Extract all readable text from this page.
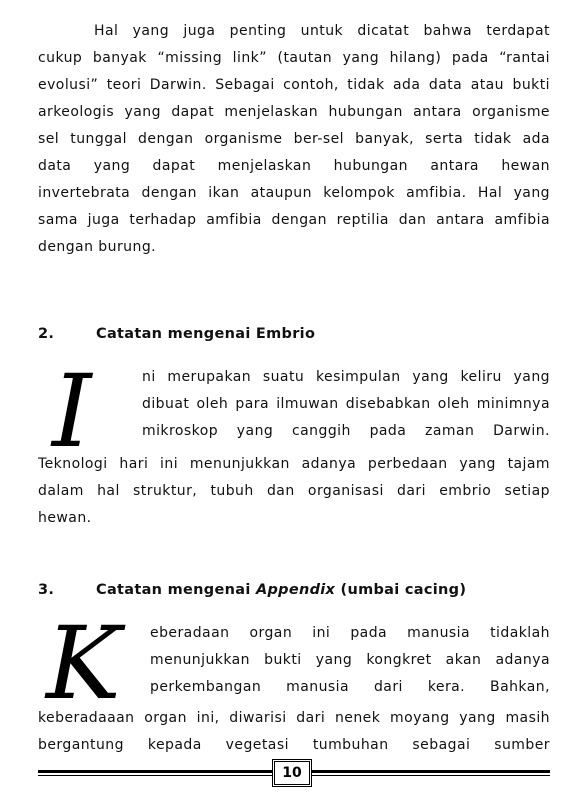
Hal yang juga penting untuk dicatat bahwa terdapat
cukup banyak “missing link” (tautan yang hilang) pada “rantai
evolusi” teori Darwin. Sebagai contoh, tidak ada data atau bukti
arkeologis yang dapat menjelaskan hubungan antara organisme
sel tunggal dengan organisme ber-sel banyak, serta tidak ada
data yang dapat menjelaskan hubungan antara hewan
invertebrata dengan ikan ataupun kelompok amfibia. Hal yang
sama juga terhadap amfibia dengan reptilia dan antara amfibia
dengan burung.
2.	Catatan mengenai Embrio
I	ni merupakan suatu kesimpulan yang keliru yang
dibuat oleh para ilmuwan disebabkan oleh minimnya
mikroskop yang canggih pada zaman Darwin.
Teknologi hari ini menunjukkan adanya perbedaan yang tajam
dalam hal struktur, tubuh dan organisasi dari embrio setiap
hewan.
3.	Catatan mengenai Appendix (umbai cacing)
K eberadaan organ ini pada manusia tidaklah
menunjukkan bukti yang kongkret akan adanya
perkembangan manusia dari kera. Bahkan,
keberadaaan organ ini, diwarisi dari nenek moyang yang masih
bergantung kepada vegetasi tumbuhan sebagai sumber
10
